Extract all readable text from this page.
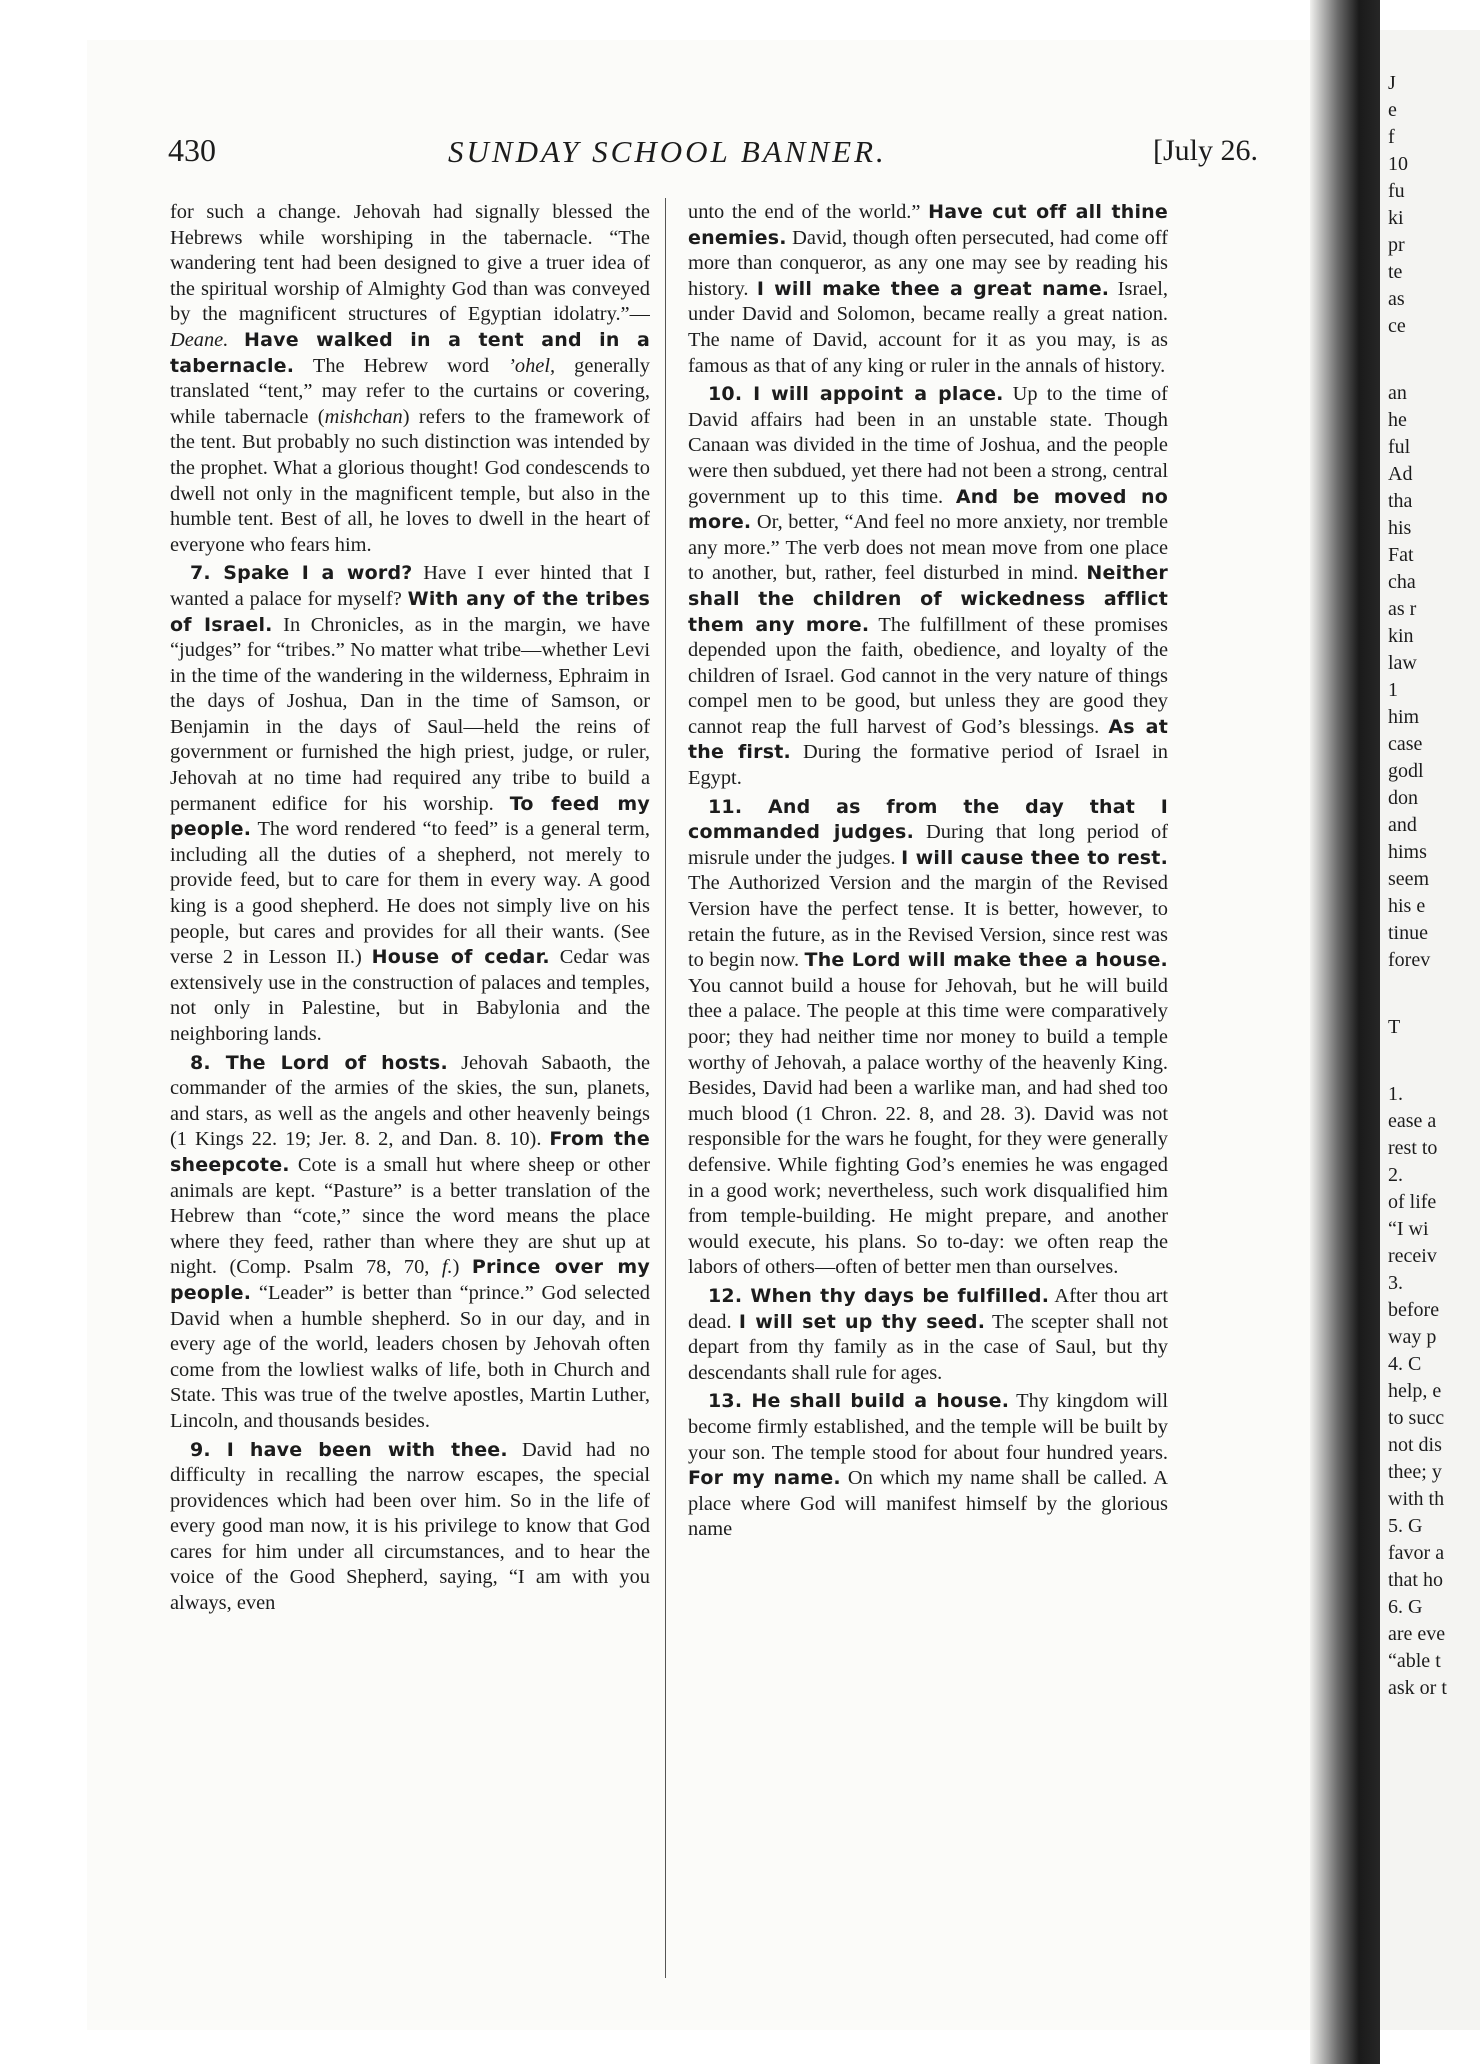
J
e
f
10
fu
ki
pr
te
as
ce
an
he
ful
Ad
tha
his
Fat
cha
as r
kin
law
1
him
case
godl
don
and
hims
seem
his e
tinue
forev
T
1.
ease a
rest to
2.
of life
“I wi
receiv
3.
before
way p
4. C
help, e
to succ
not dis
thee; y
with th
5. G
favor a
that ho
6. G
are eve
“able t
ask or t
430	SUNDAY SCHOOL BANNER.	[July 26.

for such a change. Jehovah had signally blessed the Hebrews while worshiping in the tabernacle. “The wandering tent had been designed to give a truer idea of the spiritual worship of Almighty God than was conveyed by the magnificent structures of Egyptian idolatry.”—Deane. Have walked in a tent and in a tabernacle. The Hebrew word ’ohel, generally translated “tent,” may refer to the curtains or covering, while tabernacle (mishchan) refers to the framework of the tent. But probably no such distinction was intended by the prophet. What a glorious thought! God condescends to dwell not only in the magnificent temple, but also in the humble tent. Best of all, he loves to dwell in the heart of everyone who fears him.

7. Spake I a word? Have I ever hinted that I wanted a palace for myself? With any of the tribes of Israel. In Chronicles, as in the margin, we have “judges” for “tribes.” No matter what tribe—whether Levi in the time of the wandering in the wilderness, Ephraim in the days of Joshua, Dan in the time of Samson, or Benjamin in the days of Saul—held the reins of government or furnished the high priest, judge, or ruler, Jehovah at no time had required any tribe to build a permanent edifice for his worship. To feed my people. The word rendered “to feed” is a general term, including all the duties of a shepherd, not merely to provide feed, but to care for them in every way. A good king is a good shepherd. He does not simply live on his people, but cares and provides for all their wants. (See verse 2 in Lesson II.) House of cedar. Cedar was extensively use in the construction of palaces and temples, not only in Palestine, but in Babylonia and the neighboring lands.

8. The Lord of hosts. Jehovah Sabaoth, the commander of the armies of the skies, the sun, planets, and stars, as well as the angels and other heavenly beings (1 Kings 22. 19; Jer. 8. 2, and Dan. 8. 10). From the sheepcote. Cote is a small hut where sheep or other animals are kept. “Pasture” is a better translation of the Hebrew than “cote,” since the word means the place where they feed, rather than where they are shut up at night. (Comp. Psalm 78, 70, f.) Prince over my people. “Leader” is better than “prince.” God selected David when a humble shepherd. So in our day, and in every age of the world, leaders chosen by Jehovah often come from the lowliest walks of life, both in Church and State. This was true of the twelve apostles, Martin Luther, Lincoln, and thousands besides.

9. I have been with thee. David had no difficulty in recalling the narrow escapes, the special providences which had been over him. So in the life of every good man now, it is his privilege to know that God cares for him under all circumstances, and to hear the voice of the Good Shepherd, saying, “I am with you always, even

unto the end of the world.” Have cut off all thine enemies. David, though often persecuted, had come off more than conqueror, as any one may see by reading his history. I will make thee a great name. Israel, under David and Solomon, became really a great nation. The name of David, account for it as you may, is as famous as that of any king or ruler in the annals of history.

10. I will appoint a place. Up to the time of David affairs had been in an unstable state. Though Canaan was divided in the time of Joshua, and the people were then subdued, yet there had not been a strong, central government up to this time. And be moved no more. Or, better, “And feel no more anxiety, nor tremble any more.” The verb does not mean move from one place to another, but, rather, feel disturbed in mind. Neither shall the children of wickedness afflict them any more. The fulfillment of these promises depended upon the faith, obedience, and loyalty of the children of Israel. God cannot in the very nature of things compel men to be good, but unless they are good they cannot reap the full harvest of God’s blessings. As at the first. During the formative period of Israel in Egypt.

11. And as from the day that I commanded judges. During that long period of misrule under the judges. I will cause thee to rest. The Authorized Version and the margin of the Revised Version have the perfect tense. It is better, however, to retain the future, as in the Revised Version, since rest was to begin now. The Lord will make thee a house. You cannot build a house for Jehovah, but he will build thee a palace. The people at this time were comparatively poor; they had neither time nor money to build a temple worthy of Jehovah, a palace worthy of the heavenly King. Besides, David had been a warlike man, and had shed too much blood (1 Chron. 22. 8, and 28. 3). David was not responsible for the wars he fought, for they were generally defensive. While fighting God’s enemies he was engaged in a good work; nevertheless, such work disqualified him from temple-building. He might prepare, and another would execute, his plans. So to-day: we often reap the labors of others—often of better men than ourselves.

12. When thy days be fulfilled. After thou art dead. I will set up thy seed. The scepter shall not depart from thy family as in the case of Saul, but thy descendants shall rule for ages.

13. He shall build a house. Thy kingdom will become firmly established, and the temple will be built by your son. The temple stood for about four hundred years. For my name. On which my name shall be called. A place where God will manifest himself by the glorious name
